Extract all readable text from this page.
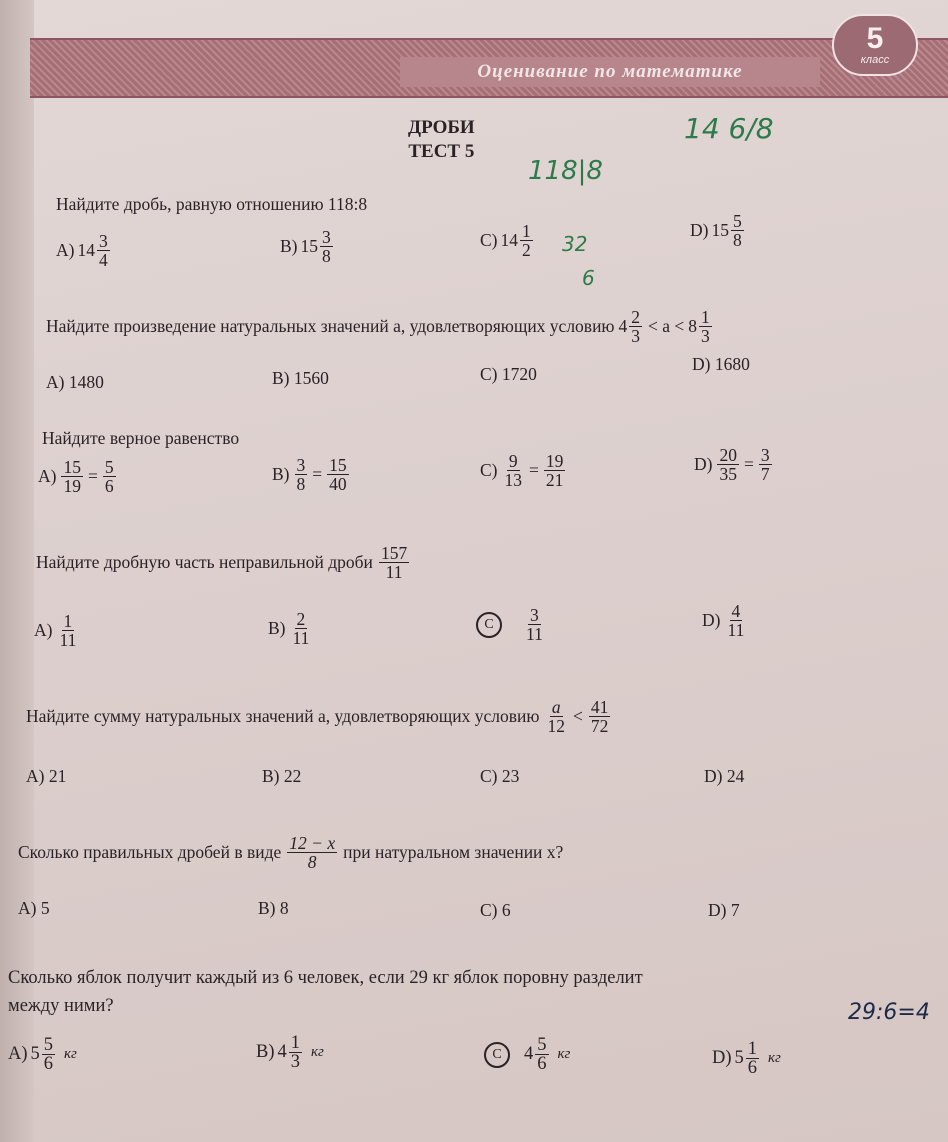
Оценивание по математике
5
класс
ДРОБИ
ТЕСТ 5
Найдите дробь, равную отношению 118:8
A) $14 \frac{3}{4}$	B) $15 \frac{3}{8}$	C) $14 \frac{1}{2}$	D) $15 \frac{5}{8}$
Найдите произведение натуральных значений a, удовлетворяющих условию $4 \frac{2}{3} < a < 8 \frac{1}{3}$
A) 1480	B) 1560	C) 1720	D) 1680
Найдите верное равенство
$A) \frac{15}{19} = \frac{5}{6}$	$B) \frac{3}{8} = \frac{15}{40}$	$C) \frac{9}{13} = \frac{19}{21}$	$D) \frac{20}{35} = \frac{3}{7}$
Найдите дробную часть неправильной дроби $\frac{157}{11}$
$A) \frac{1}{11}$	$B) \frac{2}{11}$	C	$\frac{3}{11}$	$D) \frac{4}{11}$
Найдите сумму натуральных значений a, удовлетворяющих условию $\frac{a}{12} < \frac{41}{72}$
A) 21	B) 22	C) 23	D) 24
Сколько правильных дробей в виде $\frac{12 - x}{8}$ при натуральном значении x?
A) 5	B) 8	C) 6	D) 7
Сколько яблок получит каждый из 6 человек, если 29 кг яблок поровну разделит
между ними?
A) $5 \frac{5}{6}$ кг	B) $4 \frac{1}{3}$ кг	C	$4 \frac{5}{6}$ кг	D) $5 \frac{1}{6}$ кг
14 6/8
118|8
32
6
29:6=4
